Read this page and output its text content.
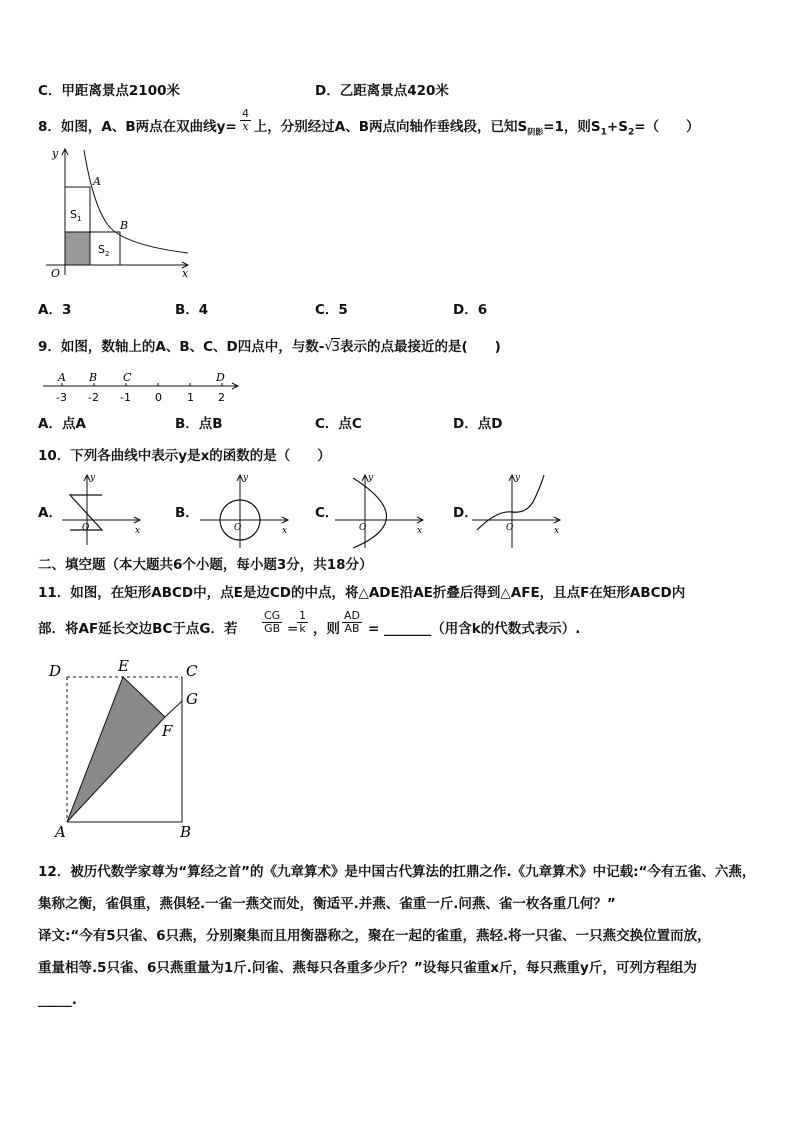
C．甲距离景点2100米	D．乙距离景点420米
8．如图，A、B两点在双曲线y= 上，分别经过A、B两点向轴作垂线段，已知$S_{阴影}=1$，则$S_1+S_2=$（　　）
$\frac{4}{x}$
y
x
O
A
B
$S_1$
$S_2$
A．3	B．4	C．5	D．6
9．如图，数轴上的A、B、C、D四点中，与数- √
3表示的点最接近的是(　　)
A B C	D
-3 -2 -1 0 1 2
A．点A	B．点B	C．点C	D．点D
10．下列各曲线中表示y是x的函数的是（　　）
A．
y
x
O
B．
y
x
O
C．
y
x
O
D．
y
x
O
二、填空题（本大题共6个小题，每小题3分，共18分）
11．如图，在矩形ABCD中，点E是边CD的中点，将△ADE沿AE折叠后得到△AFE，且点F在矩形ABCD内
部．将AF延长交边BC于点G．若 $\frac{CG}{GB}$ =
$\frac{1}{k}$ ，则 $\frac{AD}{AB}$ = _______（用含k的代数式表示）.
D	E	C
G
F
A	B
12．被历代数学家尊为“算经之首”的《九章算术》是中国古代算法的扛鼎之作.《九章算术》中记载:“今有五雀、六燕，
集称之衡，雀俱重，燕俱轻.一雀一燕交而处，衡适平.并燕、雀重一斤.问燕、雀一枚各重几何？”
译文:“今有5只雀、6只燕，分别聚集而且用衡器称之，聚在一起的雀重，燕轻.将一只雀、一只燕交换位置而放，
重量相等.5只雀、6只燕重量为1斤.问雀、燕每只各重多少斤？”设每只雀重x斤，每只燕重y斤，可列方程组为
_____.
